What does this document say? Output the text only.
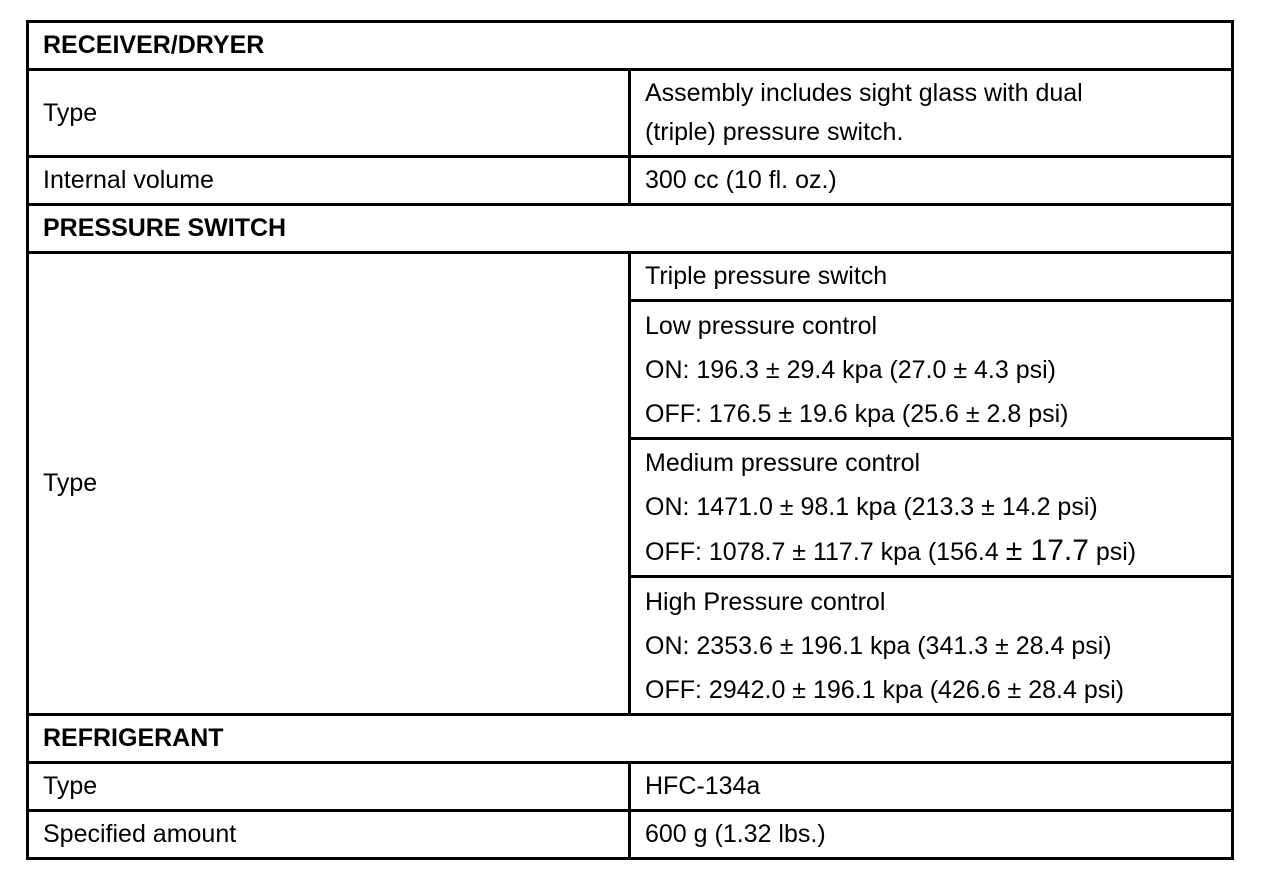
RECEIVER/DRYER	
Type	Assembly includes sight glass with dual
(triple) pressure switch.

Internal volume	300 cc (10 fl. oz.)
PRESSURE SWITCH	
Type	Triple pressure switch

	Low pressure control
ON: 196.3 ± 29.4 kpa (27.0 ± 4.3 psi)
OFF: 176.5 ± 19.6 kpa (25.6 ± 2.8 psi)

	Medium pressure control
ON: 1471.0 ± 98.1 kpa (213.3 ± 14.2 psi)
OFF: 1078.7 ± 117.7 kpa (156.4 ± 17.7 psi)

	High Pressure control
ON: 2353.6 ± 196.1 kpa (341.3 ± 28.4 psi)
OFF: 2942.0 ± 196.1 kpa (426.6 ± 28.4 psi)

REFRIGERANT	
Type	HFC-134a
Specified amount	600 g (1.32 lbs.)
